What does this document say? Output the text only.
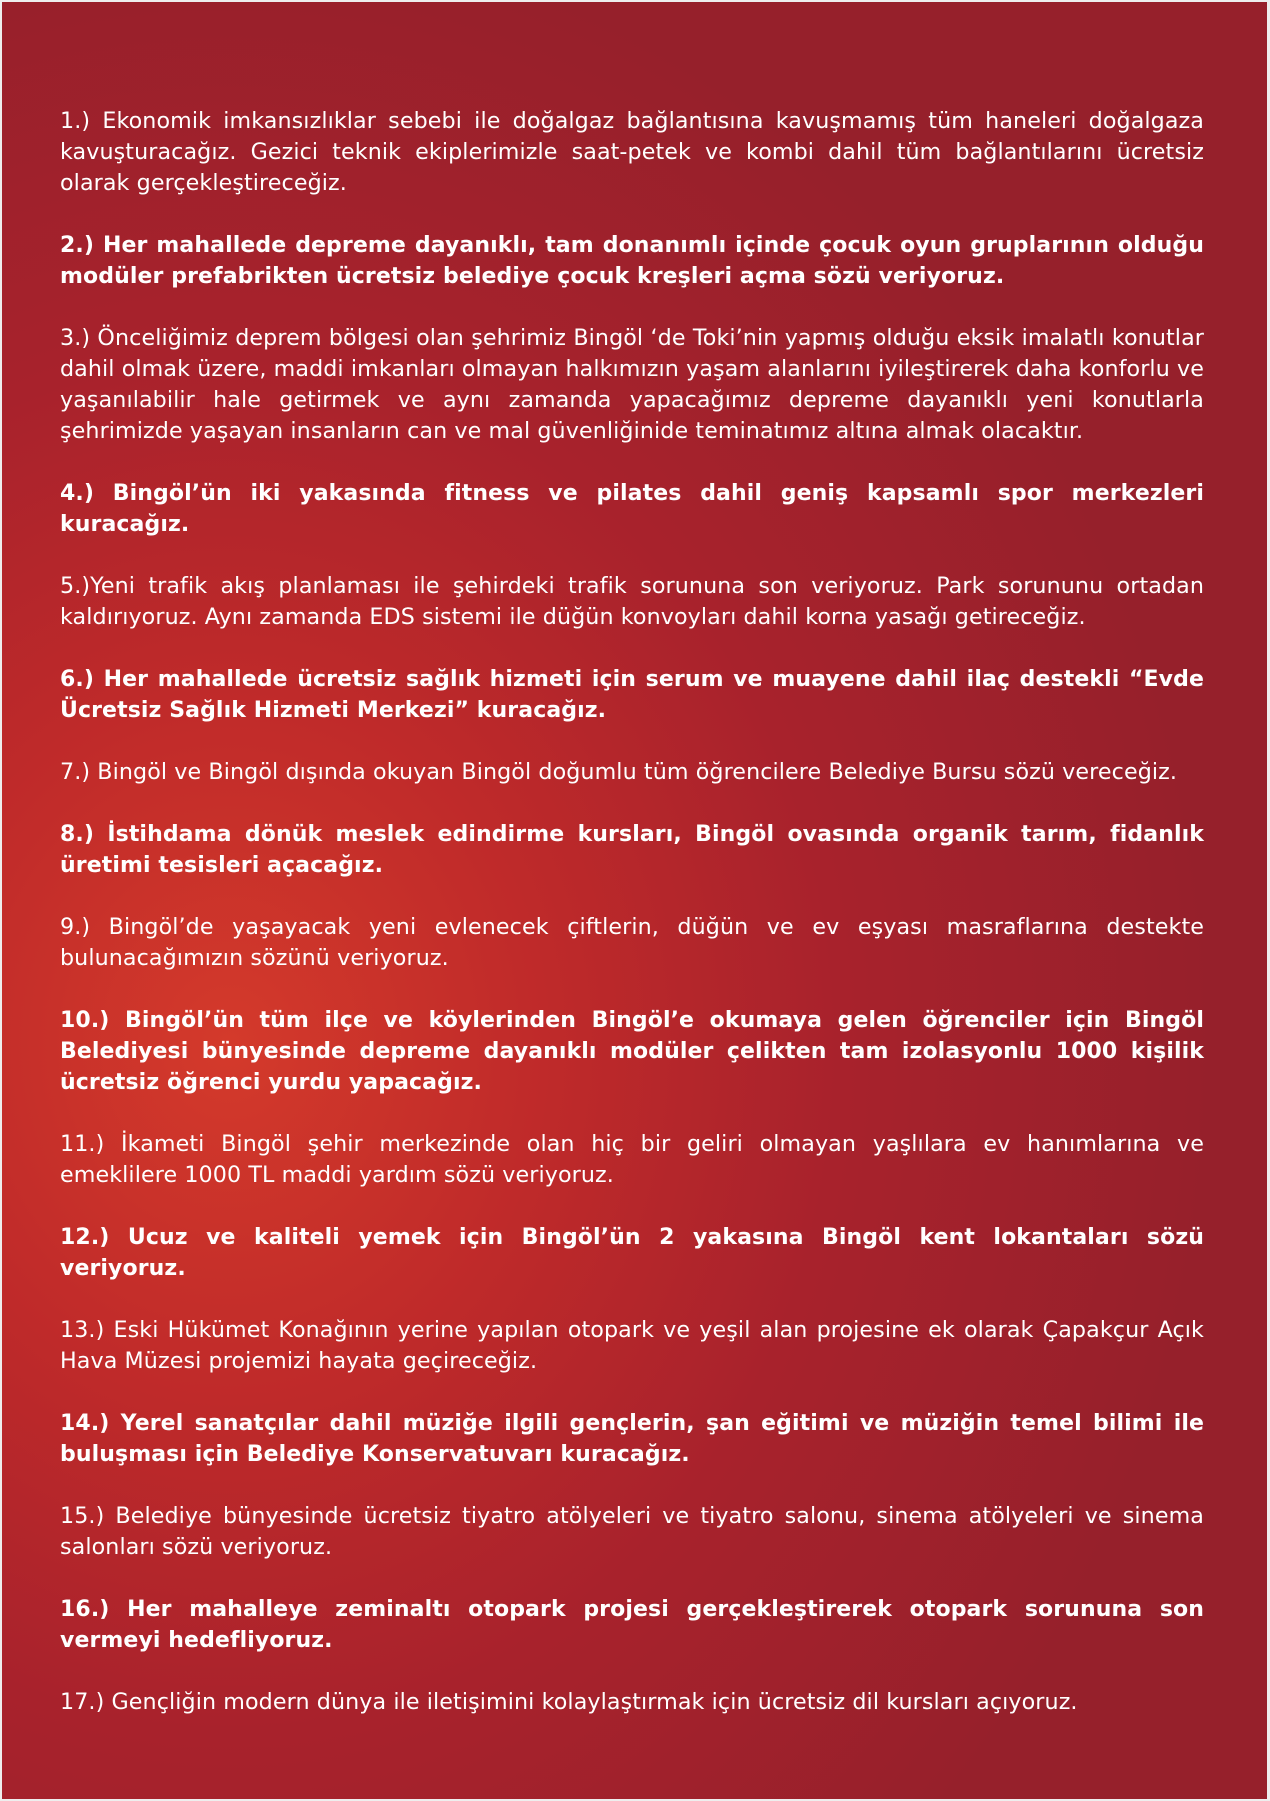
1.) Ekonomik imkansızlıklar sebebi ile doğalgaz bağlantısına kavuşmamış tüm haneleri doğalgaza kavuşturacağız. Gezici teknik ekiplerimizle saat-petek ve kombi dahil tüm bağlantılarını ücretsiz olarak gerçekleştireceğiz.

2.) Her mahallede depreme dayanıklı, tam donanımlı içinde çocuk oyun gruplarının olduğu modüler prefabrikten ücretsiz belediye çocuk kreşleri açma sözü veriyoruz.

3.) Önceliğimiz deprem bölgesi olan şehrimiz Bingöl ‘de Toki’nin yapmış olduğu eksik imalatlı konutlar dahil olmak üzere, maddi imkanları olmayan halkımızın yaşam alanlarını iyileştirerek daha konforlu ve yaşanılabilir hale getirmek ve aynı zamanda yapacağımız depreme dayanıklı yeni konutlarla şehrimizde yaşayan insanların can ve mal güvenliğinide teminatımız altına almak olacaktır.

4.) Bingöl’ün iki yakasında fitness ve pilates dahil geniş kapsamlı spor merkezleri kuracağız.

5.)Yeni trafik akış planlaması ile şehirdeki trafik sorununa son veriyoruz. Park sorununu ortadan kaldırıyoruz. Aynı zamanda EDS sistemi ile düğün konvoyları dahil korna yasağı getireceğiz.

6.) Her mahallede ücretsiz sağlık hizmeti için serum ve muayene dahil ilaç destekli “Evde Ücretsiz Sağlık Hizmeti Merkezi” kuracağız.

7.) Bingöl ve Bingöl dışında okuyan Bingöl doğumlu tüm öğrencilere Belediye Bursu sözü vereceğiz.

8.) İstihdama dönük meslek edindirme kursları, Bingöl ovasında organik tarım, fidanlık üretimi tesisleri açacağız.

9.) Bingöl’de yaşayacak yeni evlenecek çiftlerin, düğün ve ev eşyası masraflarına destekte bulunacağımızın sözünü veriyoruz.

10.) Bingöl’ün tüm ilçe ve köylerinden Bingöl’e okumaya gelen öğrenciler için Bingöl Belediyesi bünyesinde depreme dayanıklı modüler çelikten tam izolasyonlu 1000 kişilik ücretsiz öğrenci yurdu yapacağız.

11.) İkameti Bingöl şehir merkezinde olan hiç bir geliri olmayan yaşlılara ev hanımlarına ve emeklilere 1000 TL maddi yardım sözü veriyoruz.

12.) Ucuz ve kaliteli yemek için Bingöl’ün 2 yakasına Bingöl kent lokantaları sözü veriyoruz.

13.) Eski Hükümet Konağının yerine yapılan otopark ve yeşil alan projesine ek olarak Çapakçur Açık Hava Müzesi projemizi hayata geçireceğiz.

14.) Yerel sanatçılar dahil müziğe ilgili gençlerin, şan eğitimi ve müziğin temel bilimi ile buluşması için Belediye Konservatuvarı kuracağız.

15.) Belediye bünyesinde ücretsiz tiyatro atölyeleri ve tiyatro salonu, sinema atölyeleri ve sinema salonları sözü veriyoruz.

16.) Her mahalleye zeminaltı otopark projesi gerçekleştirerek otopark sorununa son vermeyi hedefliyoruz.

17.) Gençliğin modern dünya ile iletişimini kolaylaştırmak için ücretsiz dil kursları açıyoruz.
